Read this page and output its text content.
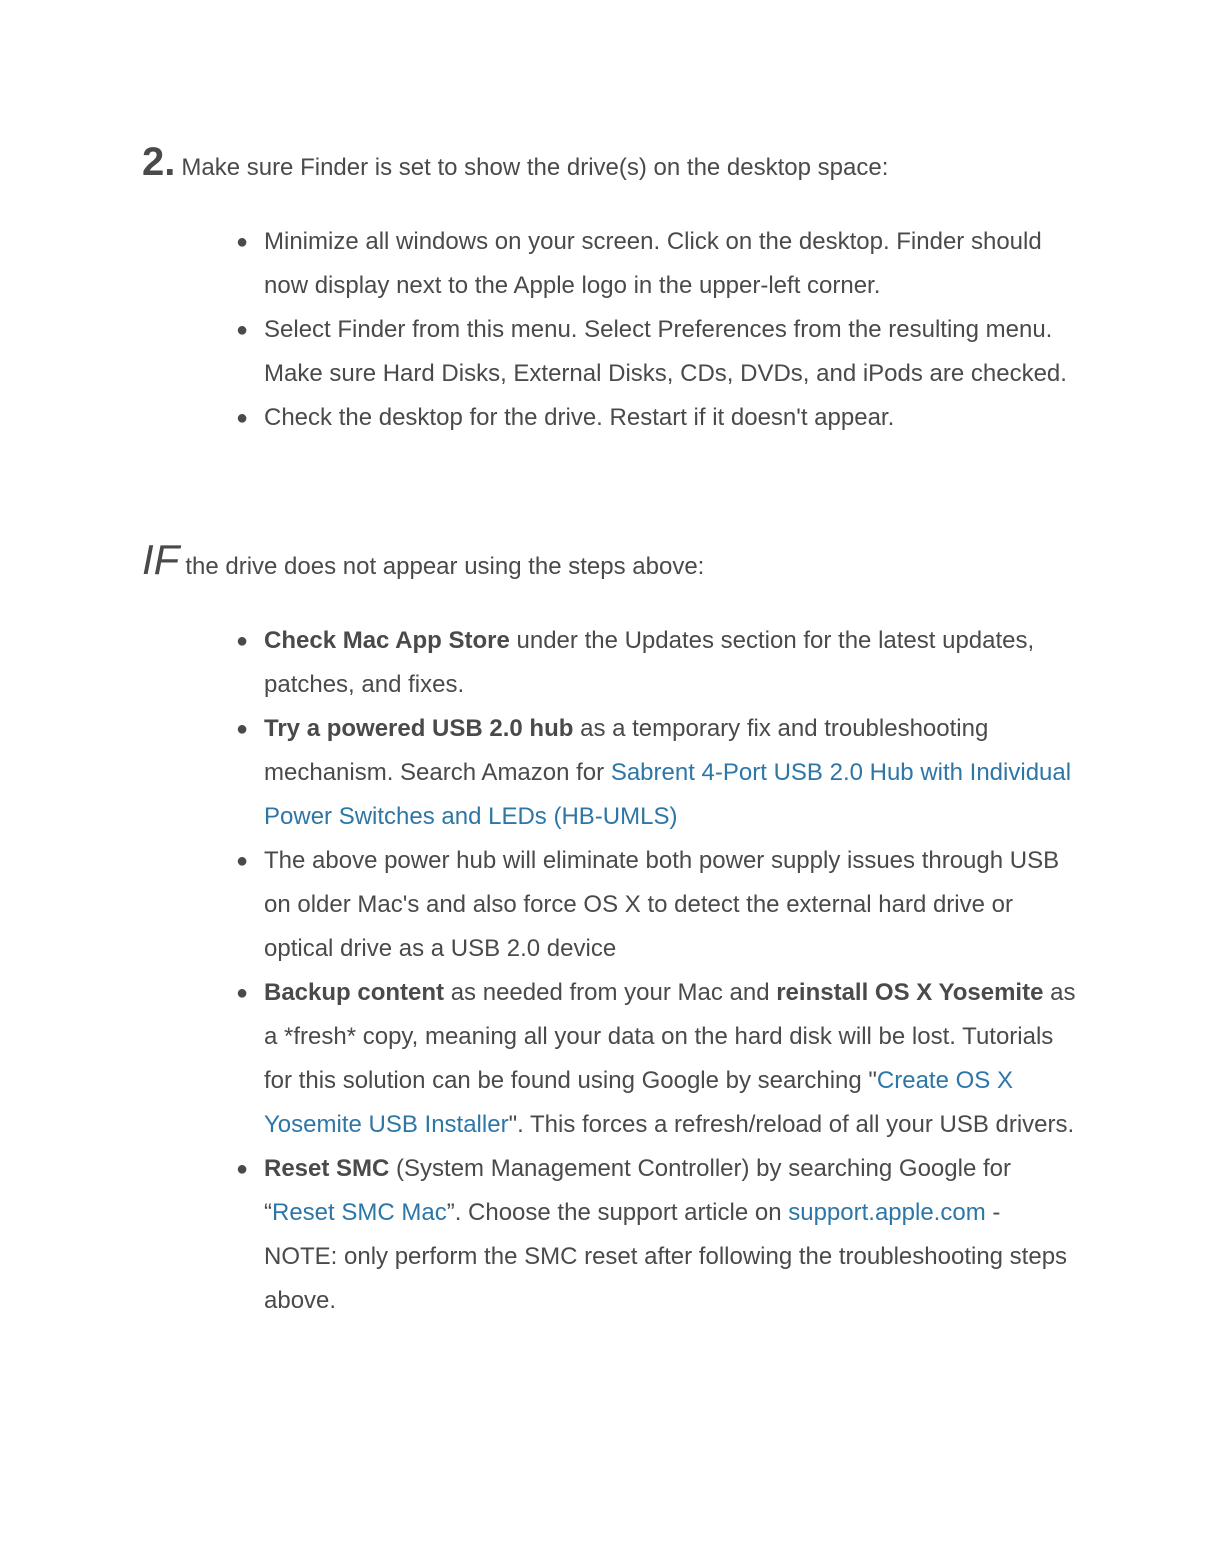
2. Make sure Finder is set to show the drive(s) on the desktop space:
● Minimize all windows on your screen. Click on the desktop. Finder should now display next to the Apple logo in the upper-left corner.
● Select Finder from this menu. Select Preferences from the resulting menu. Make sure Hard Disks, External Disks, CDs, DVDs, and iPods are checked.
● Check the desktop for the drive. Restart if it doesn't appear.
IF the drive does not appear using the steps above:
● Check Mac App Store under the Updates section for the latest updates, patches, and fixes.
● Try a powered USB 2.0 hub as a temporary fix and troubleshooting mechanism. Search Amazon for Sabrent 4-Port USB 2.0 Hub with Individual Power Switches and LEDs (HB-UMLS)
● The above power hub will eliminate both power supply issues through USB on older Mac's and also force OS X to detect the external hard drive or optical drive as a USB 2.0 device
● Backup content as needed from your Mac and reinstall OS X Yosemite as a *fresh* copy, meaning all your data on the hard disk will be lost. Tutorials for this solution can be found using Google by searching "Create OS X Yosemite USB Installer". This forces a refresh/reload of all your USB drivers.
● Reset SMC (System Management Controller) by searching Google for “Reset SMC Mac”. Choose the support article on support.apple.com - NOTE: only perform the SMC reset after following the troubleshooting steps above.
